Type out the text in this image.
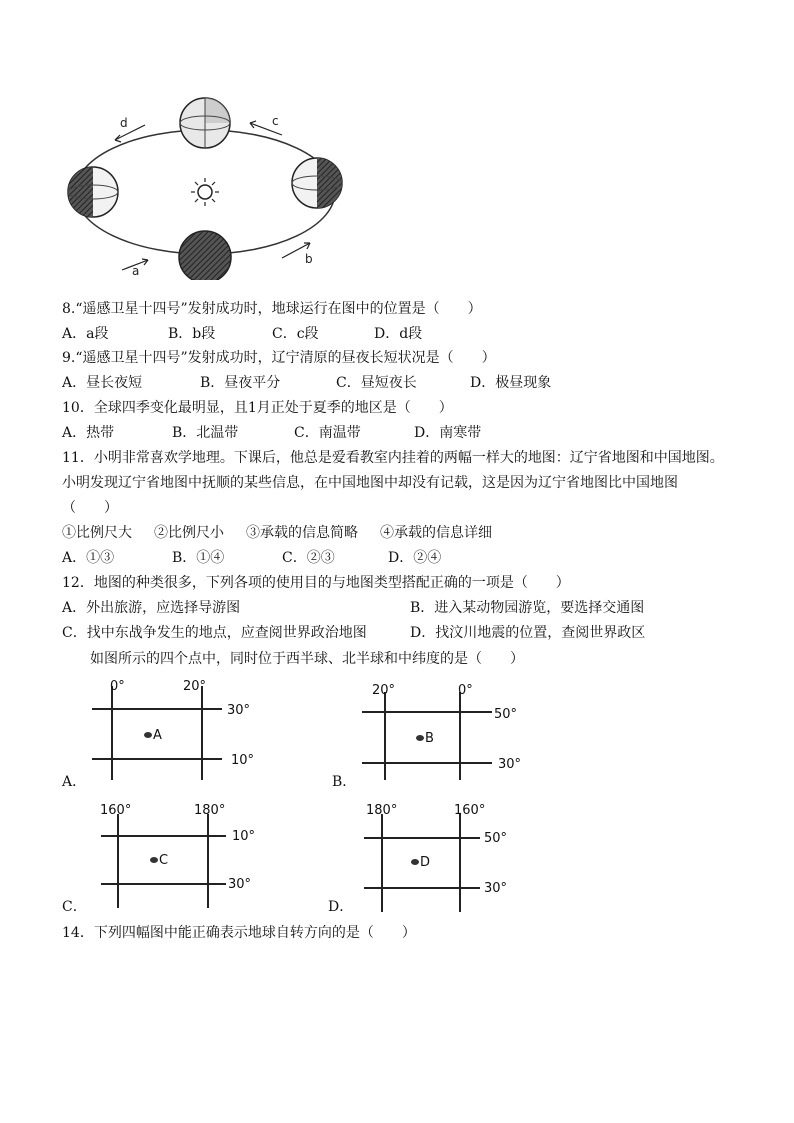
d	c
a
b
8.“遥感卫星十四号”发射成功时，地球运行在图中的位置是（　　）
A．a段	B．b段	C．c段	D．d段
9.“遥感卫星十四号”发射成功时，辽宁清原的昼夜长短状况是（　　）
A．昼长夜短	B．昼夜平分	C．昼短夜长	D．极昼现象
10．全球四季变化最明显，且1月正处于夏季的地区是（　　）
A．热带	B．北温带	C．南温带	D．南寒带
11．小明非常喜欢学地理。下课后，他总是爱看教室内挂着的两幅一样大的地图：辽宁省地图和中国地图。
小明发现辽宁省地图中抚顺的某些信息，在中国地图中却没有记载，这是因为辽宁省地图比中国地图
（　　）
①比例尺大 ②比例尺小 ③承载的信息简略 ④承载的信息详细
A．①③	B．①④	C．②③	D．②④
12．地图的种类很多，下列各项的使用目的与地图类型搭配正确的一项是（　　）
A．外出旅游，应选择导游图	B．进入某动物园游览，要选择交通图
C．找中东战争发生的地点，应查阅世界政治地图	D．找汶川地震的位置，查阅世界政区
如图所示的四个点中，同时位于西半球、北半球和中纬度的是（　　）
0°	20°
30°
10°
A
A．
20°	0°
50°
30°
B
B．
160°	180°
10°
30°
C
C．
180°	160°
50°
30°
D
D．
14．下列四幅图中能正确表示地球自转方向的是（　　）
